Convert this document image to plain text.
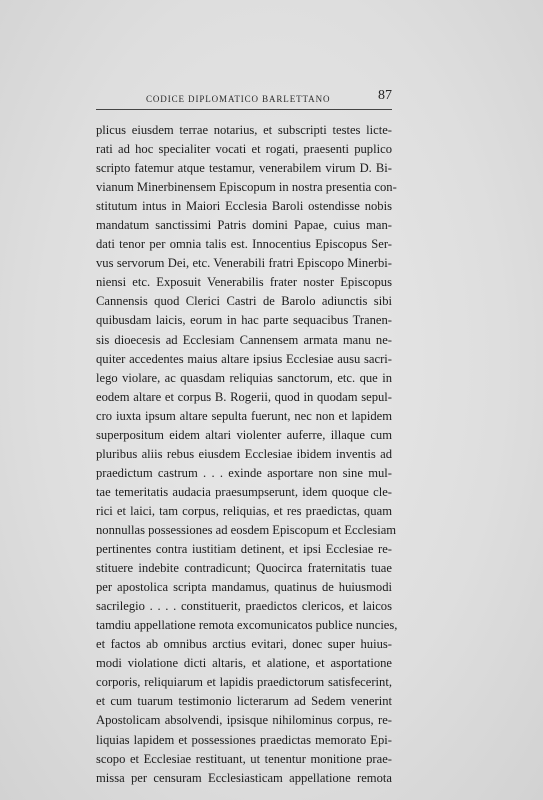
CODICE DIPLOMATICO BARLETTANO	87
plicus eiusdem terrae notarius, et subscripti testes licte-
rati ad hoc specialiter vocati et rogati, praesenti puplico
scripto fatemur atque testamur, venerabilem virum D. Bi-
vianum Minerbinensem Episcopum in nostra presentia con-
stitutum intus in Maiori Ecclesia Baroli ostendisse nobis
mandatum sanctissimi Patris domini Papae, cuius man-
dati tenor per omnia talis est. Innocentius Episcopus Ser-
vus servorum Dei, etc. Venerabili fratri Episcopo Minerbi-
niensi etc. Exposuit Venerabilis frater noster Episcopus
Cannensis quod Clerici Castri de Barolo adiunctis sibi
quibusdam laicis, eorum in hac parte sequacibus Tranen-
sis dioecesis ad Ecclesiam Cannensem armata manu ne-
quiter accedentes maius altare ipsius Ecclesiae ausu sacri-
lego violare, ac quasdam reliquias sanctorum, etc. que in
eodem altare et corpus B. Rogerii, quod in quodam sepul-
cro iuxta ipsum altare sepulta fuerunt, nec non et lapidem
superpositum eidem altari violenter auferre, illaque cum
pluribus aliis rebus eiusdem Ecclesiae ibidem inventis ad
praedictum castrum . . . exinde asportare non sine mul-
tae temeritatis audacia praesumpserunt, idem quoque cle-
rici et laici, tam corpus, reliquias, et res praedictas, quam
nonnullas possessiones ad eosdem Episcopum et Ecclesiam
pertinentes contra iustitiam detinent, et ipsi Ecclesiae re-
stituere indebite contradicunt; Quocirca fraternitatis tuae
per apostolica scripta mandamus, quatinus de huiusmodi
sacrilegio . . . . constituerit, praedictos clericos, et laicos
tamdiu appellatione remota excomunicatos publice nuncies,
et factos ab omnibus arctius evitari, donec super huius-
modi violatione dicti altaris, et alatione, et asportatione
corporis, reliquiarum et lapidis praedictorum satisfecerint,
et cum tuarum testimonio licterarum ad Sedem venerint
Apostolicam absolvendi, ipsisque nihilominus corpus, re-
liquias lapidem et possessiones praedictas memorato Epi-
scopo et Ecclesiae restituant, ut tenentur monitione prae-
missa per censuram Ecclesiasticam appellatione remota
